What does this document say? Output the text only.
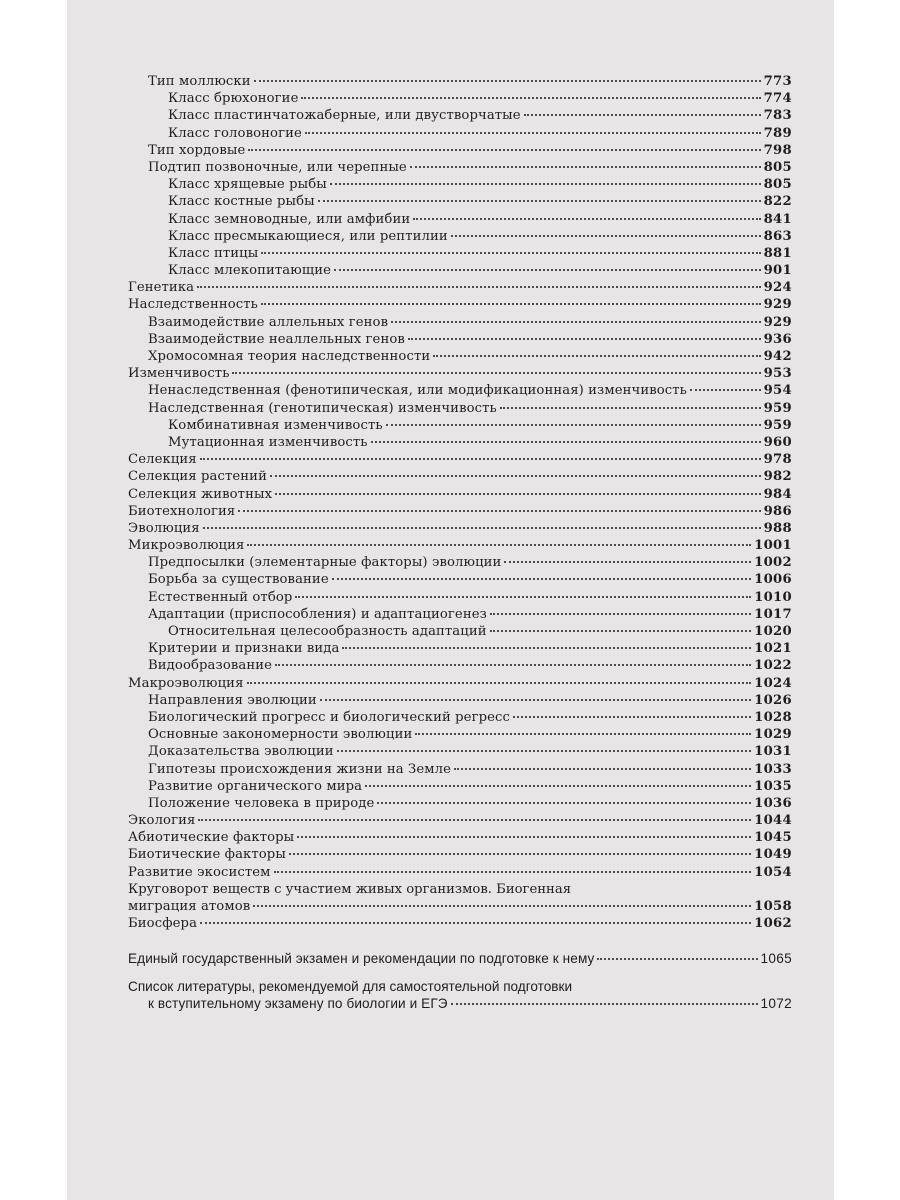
Тип моллюски	773
Класс брюхоногие	774
Класс пластинчатожаберные, или двустворчатые	783
Класс головоногие	789
Тип хордовые	798
Подтип позвоночные, или черепные	805
Класс хрящевые рыбы	805
Класс костные рыбы	822
Класс земноводные, или амфибии	841
Класс пресмыкающиеся, или рептилии	863
Класс птицы	881
Класс млекопитающие	901
Генетика	924
Наследственность	929
Взаимодействие аллельных генов	929
Взаимодействие неаллельных генов	936
Хромосомная теория наследственности	942
Изменчивость	953
Ненаследственная (фенотипическая, или модификационная) изменчивость	954
Наследственная (генотипическая) изменчивость	959
Комбинативная изменчивость	959
Мутационная изменчивость	960
Селекция	978
Селекция растений	982
Селекция животных	984
Биотехнология	986
Эволюция	988
Микроэволюция	1001
Предпосылки (элементарные факторы) эволюции	1002
Борьба за существование	1006
Естественный отбор	1010
Адаптации (приспособления) и адаптациогенез	1017
Относительная целесообразность адаптаций	1020
Критерии и признаки вида	1021
Видообразование	1022
Макроэволюция	1024
Направления эволюции	1026
Биологический прогресс и биологический регресс	1028
Основные закономерности эволюции	1029
Доказательства эволюции	1031
Гипотезы происхождения жизни на Земле	1033
Развитие органического мира	1035
Положение человека в природе	1036
Экология	1044
Абиотические факторы	1045
Биотические факторы	1049
Развитие экосистем	1054
Круговорот веществ с участием живых организмов. Биогенная
миграция атомов	1058
Биосфера	1062
Единый государственный экзамен и рекомендации по подготовке к нему	1065
Список литературы, рекомендуемой для самостоятельной подготовки
к вступительному экзамену по биологии и ЕГЭ	1072
